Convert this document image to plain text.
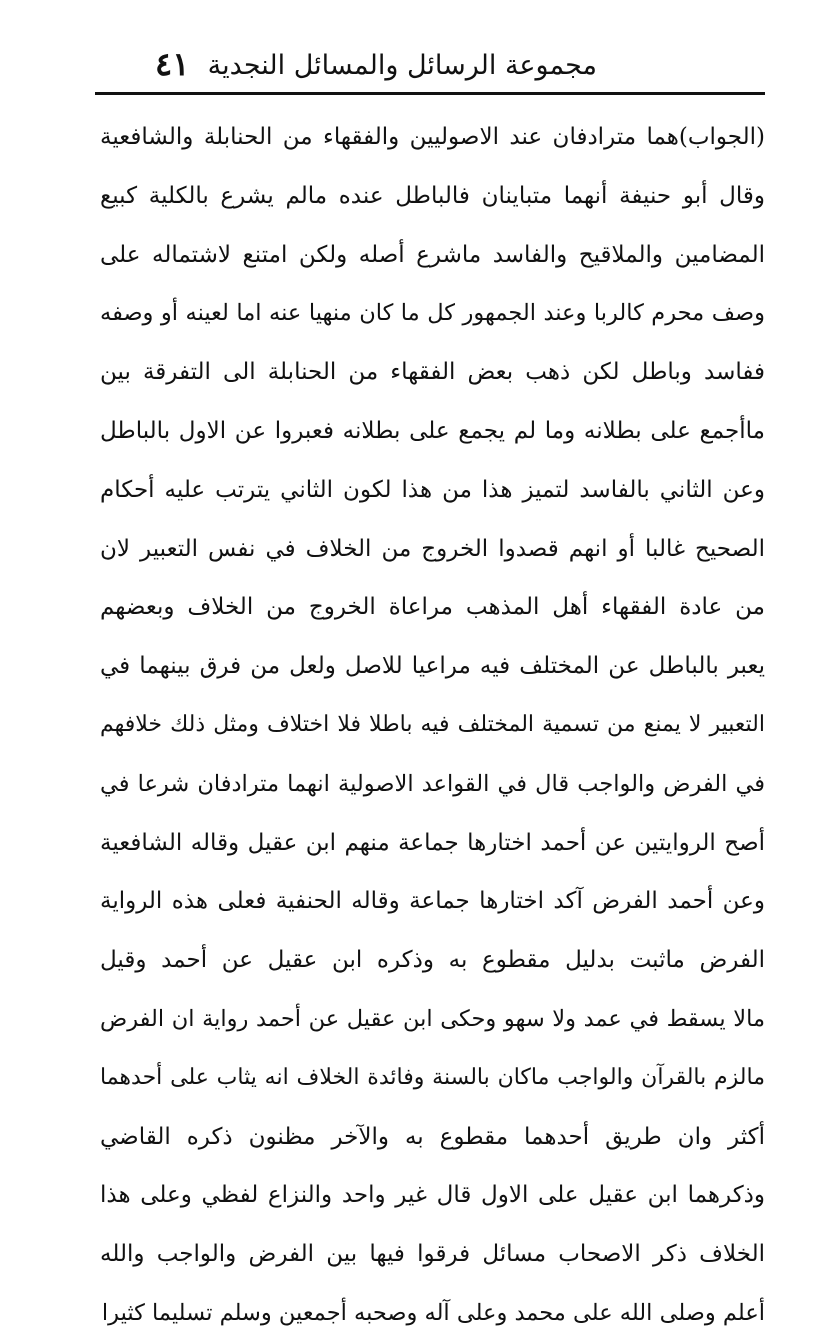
مجموعة الرسائل والمسائل النجدية
٤١
(الجواب)هما مترادفان عند الاصوليين والفقهاء من الحنابلة والشافعية
وقال أبو حنيفة أنهما متباينان فالباطل عنده مالم يشرع بالكلية كبيع
المضامين والملاقيح والفاسد ماشرع أصله ولكن امتنع لاشتماله على
وصف محرم كالربا وعند الجمهور كل ما كان منهيا عنه اما لعينه أو وصفه
ففاسد وباطل لكن ذهب بعض الفقهاء من الحنابلة الى التفرقة بين
ماأجمع على بطلانه وما لم يجمع على بطلانه فعبروا عن الاول بالباطل
وعن الثاني بالفاسد لتميز هذا من هذا لكون الثاني يترتب عليه أحكام
الصحيح غالبا أو انهم قصدوا الخروج من الخلاف في نفس التعبير لان
من عادة الفقهاء أهل المذهب مراعاة الخروج من الخلاف وبعضهم
يعبر بالباطل عن المختلف فيه مراعيا للاصل ولعل من فرق بينهما في
التعبير لا يمنع من تسمية المختلف فيه باطلا فلا اختلاف ومثل ذلك خلافهم
في الفرض والواجب قال في القواعد الاصولية انهما مترادفان شرعا في
أصح الروايتين عن أحمد اختارها جماعة منهم ابن عقيل وقاله الشافعية
وعن أحمد الفرض آكد اختارها جماعة وقاله الحنفية فعلى هذه الرواية
الفرض ماثبت بدليل مقطوع به وذكره ابن عقيل عن أحمد وقيل
مالا يسقط في عمد ولا سهو وحكى ابن عقيل عن أحمد رواية ان الفرض
مالزم بالقرآن والواجب ماكان بالسنة وفائدة الخلاف انه يثاب على أحدهما
أكثر وان طريق أحدهما مقطوع به والآخر مظنون ذكره القاضي
وذكرهما ابن عقيل على الاول قال غير واحد والنزاع لفظي وعلى هذا
الخلاف ذكر الاصحاب مسائل فرقوا فيها بين الفرض والواجب والله
أعلم وصلى الله على محمد وعلى آله وصحبه أجمعين وسلم تسليما كثيرا
